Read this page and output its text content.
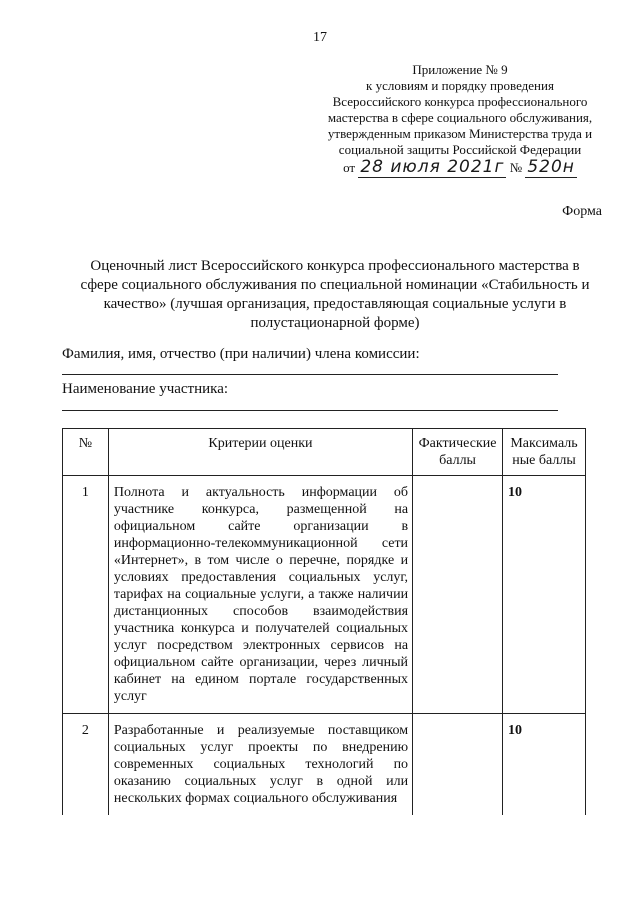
17
Приложение № 9
к условиям и порядку проведения
Всероссийского конкурса профессионального
мастерства в сфере социального обслуживания,
утвержденным приказом Министерства труда и
социальной защиты Российской Федерации
от 28 июля 2021г № 520н
Форма
Оценочный лист Всероссийского конкурса профессионального мастерства в сфере социального обслуживания по специальной номинации «Стабильность и качество» (лучшая организация, предоставляющая социальные услуги в полустационарной форме)
Фамилия, имя, отчество (при наличии) члена комиссии:
Наименование участника:
№	Критерии оценки	Фактические баллы	Максималь ные баллы
1	Полнота и актуальность информации об участнике конкурса, размещенной на официальном сайте организации в информационно-телекоммуникационной сети «Интернет», в том числе о перечне, порядке и условиях предоставления социальных услуг, тарифах на социальные услуги, а также наличии дистанционных способов взаимодействия участника конкурса и получателей социальных услуг посредством электронных сервисов на официальном сайте организации, через личный кабинет на едином портале государственных услуг		10
2	Разработанные и реализуемые поставщиком социальных услуг проекты по внедрению современных социальных технологий по оказанию социальных услуг в одной или нескольких формах социального обслуживания		10
